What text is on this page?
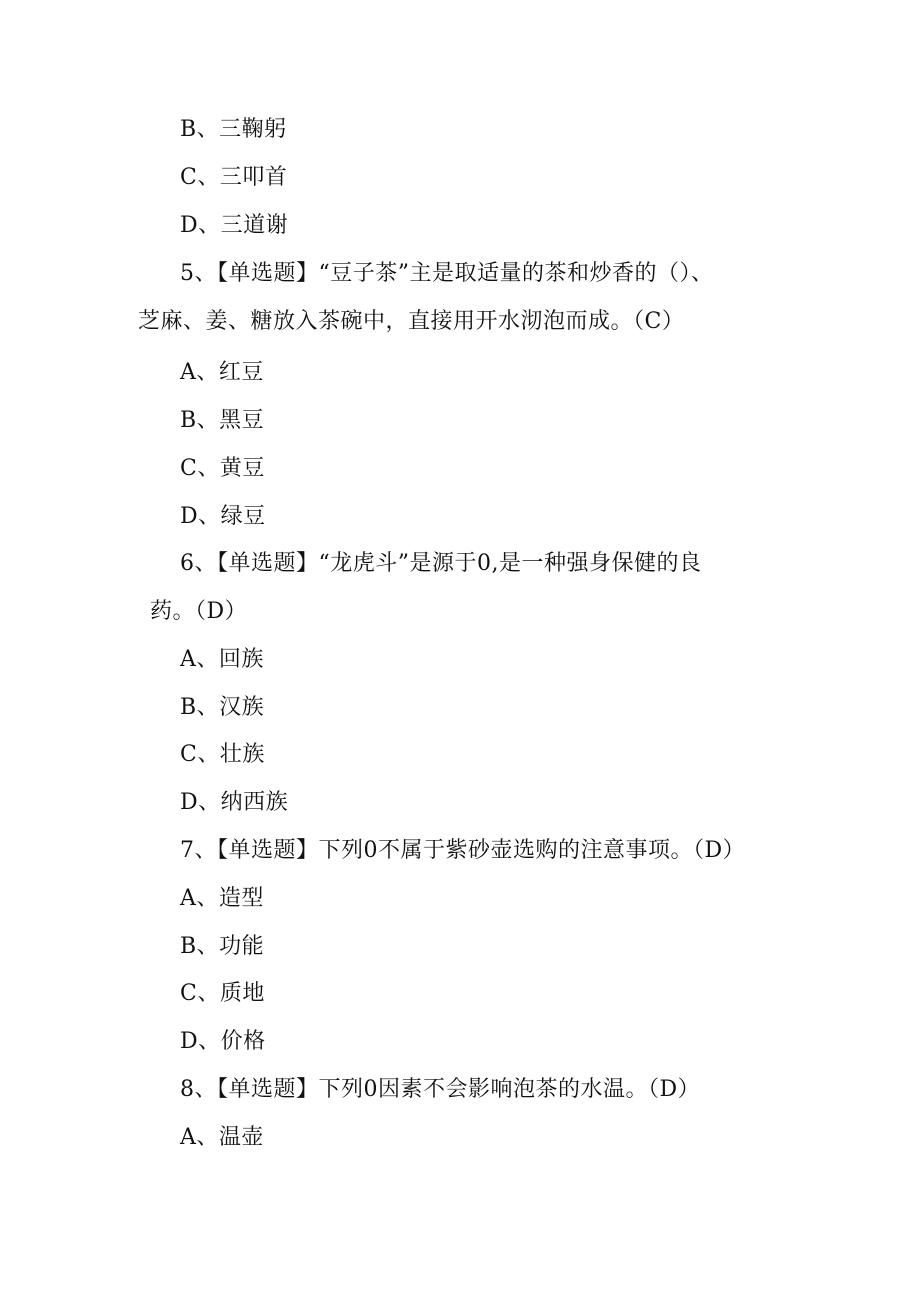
B、三鞠躬
C、三叩首
D、三道谢
5、【单选题】“豆子茶”主是取适量的茶和炒香的（）、
芝麻、姜、糖放入茶碗中，直接用开水沏泡而成。（C）
A、红豆
B、黑豆
C、黄豆
D、绿豆
6、【单选题】“龙虎斗”是源于0,是一种强身保健的良
药。（D）
A、回族
B、汉族
C、壮族
D、纳西族
7、【单选题】下列0不属于紫砂壶选购的注意事项。（D）
A、造型
B、功能
C、质地
D、价格
8、【单选题】下列0因素不会影响泡茶的水温。（D）
A、温壶
